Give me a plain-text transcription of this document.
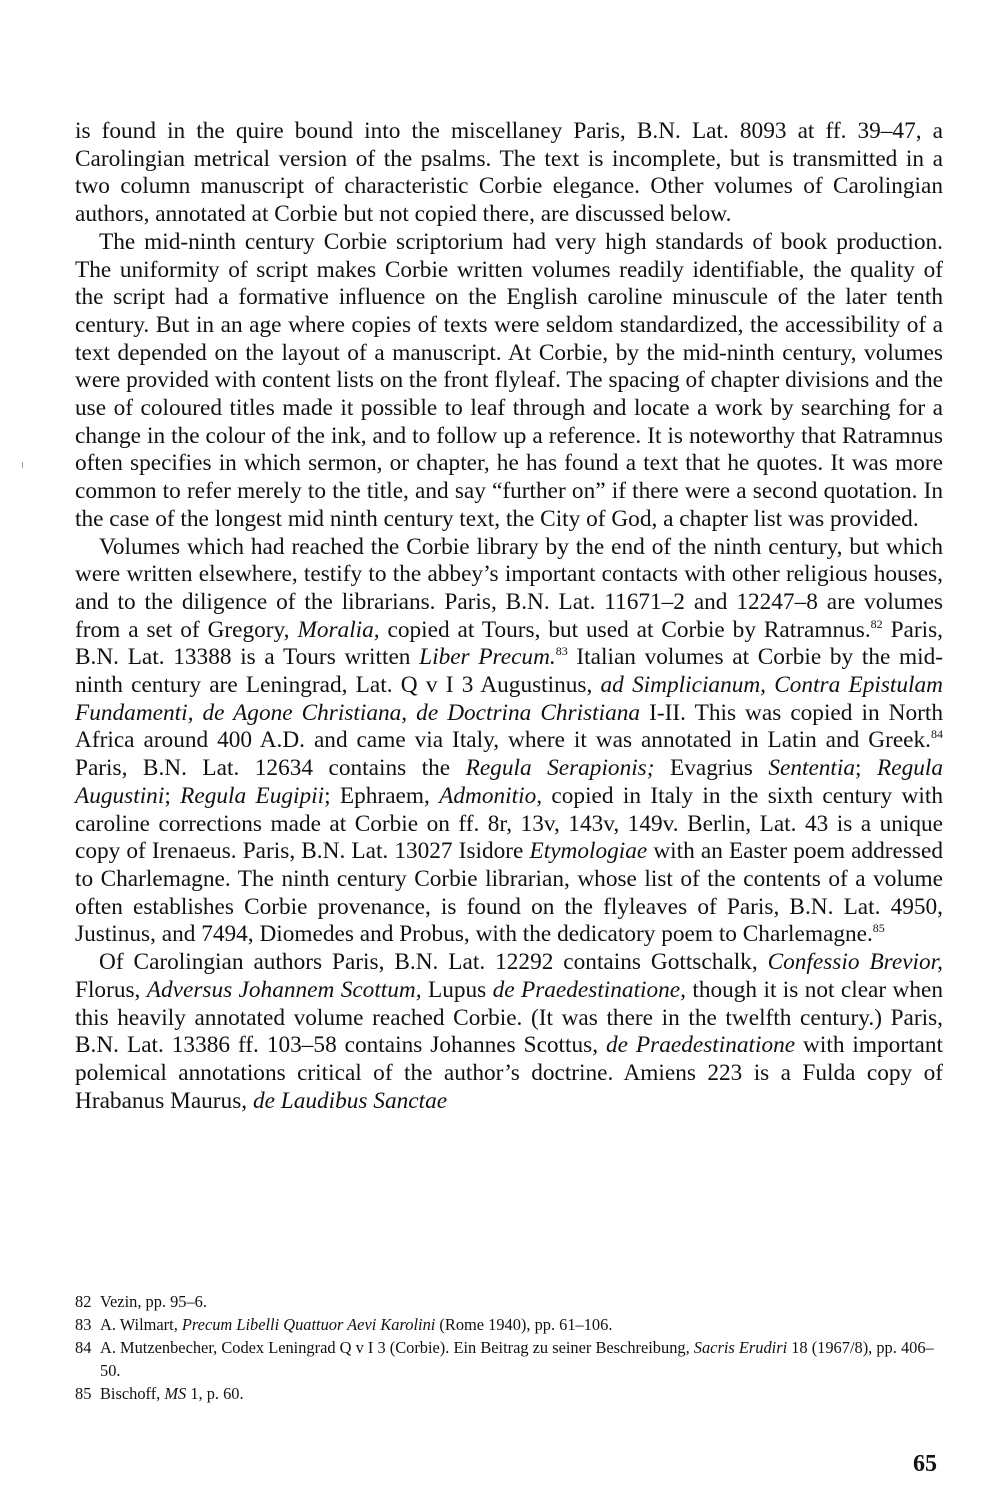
is found in the quire bound into the miscellaney Paris, B.N. Lat. 8093 at ff. 39–47, a Carolingian metrical version of the psalms. The text is incomplete, but is transmitted in a two column manuscript of characteristic Corbie elegance. Other volumes of Carolingian authors, annotated at Corbie but not copied there, are discussed below.

The mid-ninth century Corbie scriptorium had very high standards of book production. The uniformity of script makes Corbie written volumes readily identifiable, the quality of the script had a formative influence on the English caroline minuscule of the later tenth century. But in an age where copies of texts were seldom standardized, the accessibility of a text depended on the layout of a manuscript. At Corbie, by the mid-ninth century, volumes were provided with content lists on the front flyleaf. The spacing of chapter divisions and the use of coloured titles made it possible to leaf through and locate a work by searching for a change in the colour of the ink, and to follow up a reference. It is noteworthy that Ratramnus often specifies in which sermon, or chapter, he has found a text that he quotes. It was more common to refer merely to the title, and say “further on” if there were a second quotation. In the case of the longest mid ninth century text, the City of God, a chapter list was provided.

Volumes which had reached the Corbie library by the end of the ninth century, but which were written elsewhere, testify to the abbey’s important contacts with other religious houses, and to the diligence of the librarians. Paris, B.N. Lat. 11671–2 and 12247–8 are volumes from a set of Gregory, Moralia, copied at Tours, but used at Corbie by Ratramnus.$^{82}$ Paris, B.N. Lat. 13388 is a Tours written Liber Precum.$^{83}$ Italian volumes at Corbie by the mid-ninth century are Leningrad, Lat. Q v I 3 Augustinus, ad Simplicianum, Contra Epistulam Fundamenti, de Agone Christiana, de Doctrina Christiana I-II. This was copied in North Africa around 400 A.D. and came via Italy, where it was annotated in Latin and Greek.$^{84}$ Paris, B.N. Lat. 12634 contains the Regula Serapionis; Evagrius Sententia; Regula Augustini; Regula Eugipii; Ephraem, Admonitio, copied in Italy in the sixth century with caroline corrections made at Corbie on ff. 8r, 13v, 143v, 149v. Berlin, Lat. 43 is a unique copy of Irenaeus. Paris, B.N. Lat. 13027 Isidore Etymologiae with an Easter poem addressed to Charlemagne. The ninth century Corbie librarian, whose list of the contents of a volume often establishes Corbie provenance, is found on the flyleaves of Paris, B.N. Lat. 4950, Justinus, and 7494, Diomedes and Probus, with the dedicatory poem to Charlemagne.$^{85}$

Of Carolingian authors Paris, B.N. Lat. 12292 contains Gottschalk, Confessio Brevior, Florus, Adversus Johannem Scottum, Lupus de Praedestinatione, though it is not clear when this heavily annotated volume reached Corbie. (It was there in the twelfth century.) Paris, B.N. Lat. 13386 ff. 103–58 contains Johannes Scottus, de Praedestinatione with important polemical annotations critical of the author’s doctrine. Amiens 223 is a Fulda copy of Hrabanus Maurus, de Laudibus Sanctae

82 Vezin, pp. 95–6.
83 A. Wilmart, Precum Libelli Quattuor Aevi Karolini (Rome 1940), pp. 61–106.
84 A. Mutzenbecher, Codex Leningrad Q v I 3 (Corbie). Ein Beitrag zu seiner Beschreibung, Sacris Erudiri 18 (1967/8), pp. 406–50.
85 Bischoff, MS 1, p. 60.
65
